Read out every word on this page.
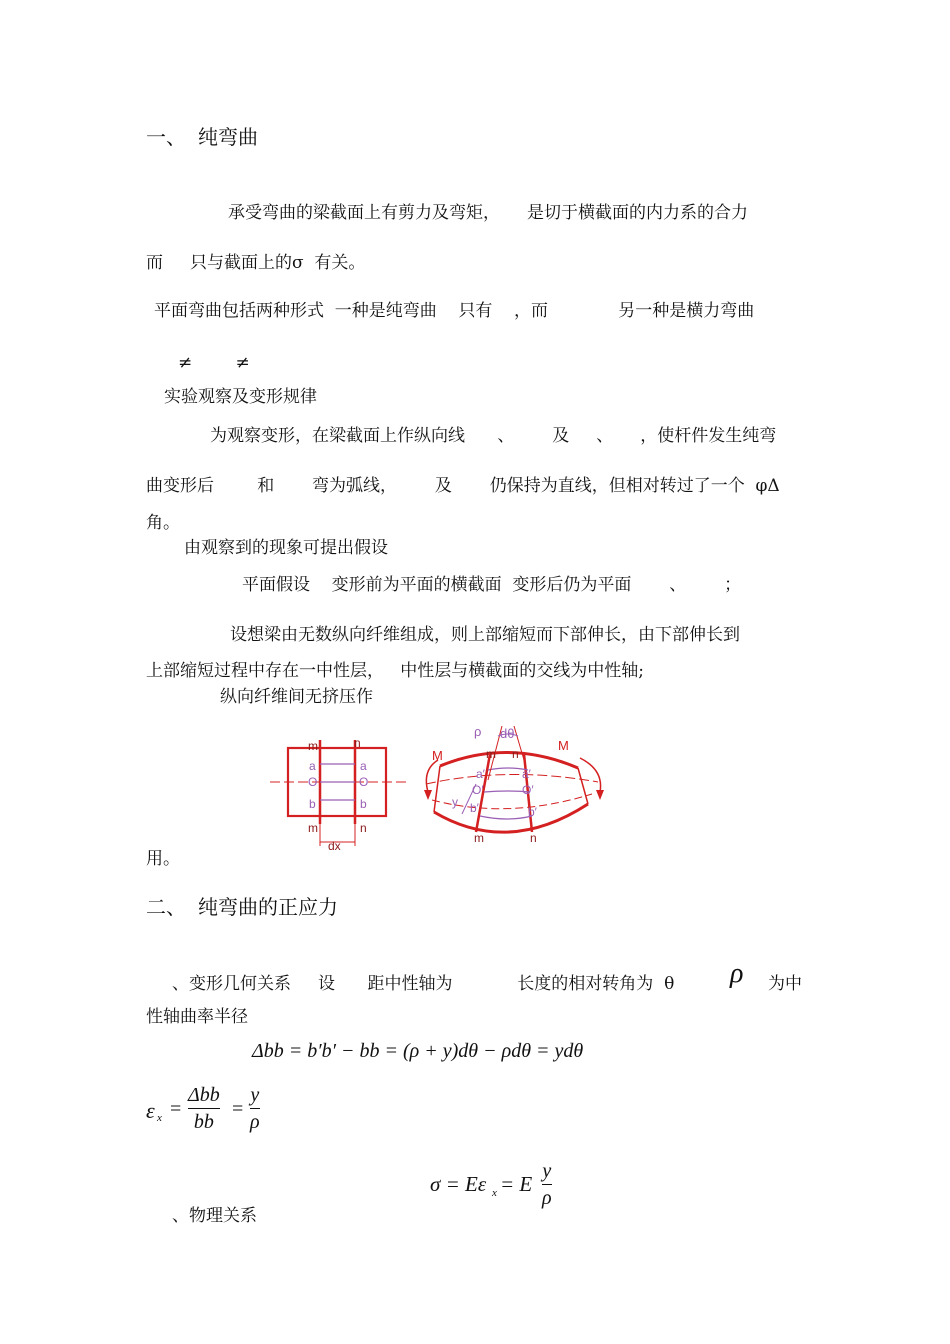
一、 纯弯曲
承受弯曲的梁截面上有剪力及弯矩，     是切于横截面的内力系的合力
而     只与截面上的σ  有关。
平面弯曲包括两种形式  一种是纯弯曲    只有    ，而             另一种是横力弯曲
≠        ≠
实验观察及变形规律
为观察变形，在梁截面上作纵向线      、       及     、     ，使杆件发生纯弯
曲变形后        和       弯为弧线，       及       仍保持为直线，但相对转过了一个  φΔ
角。
由观察到的现象可提出假设
平面假设    变形前为平面的横截面  变形后仍为平面       、       ；
设想梁由无数纵向纤维组成，则上部缩短而下部伸长，由下部伸长到
上部缩短过程中存在一中性层，   中性层与横截面的交线为中性轴;
纵向纤维间无挤压作
m	n
a	a
O	O
b	b
m	n
dx
M
M
ρ dθ
m n
a′	a′
O′	O′
y b′	b′
m	n
用。
二、 纯弯曲的正应力
、变形几何关系     设      距中性轴为            长度的相对转角为  θ ρ 为中
性轴曲率半径
Δbb = b′b′ − bb = (ρ + y)dθ − ρdθ = ydθ
ε x =
Δbb
bb
=
y
ρ
σ = Eε x = E
y
ρ
、物理关系
